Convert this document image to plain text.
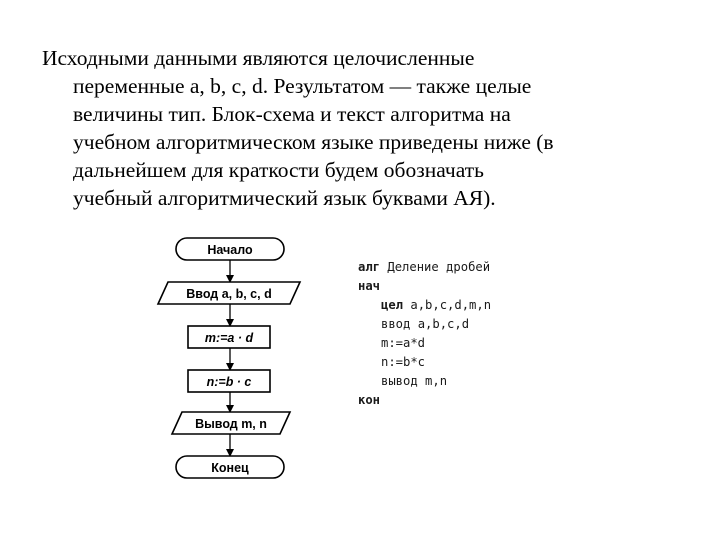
Исходными данными являются целочисленные
переменные a, b, c, d. Результатом — также целые
величины тип. Блок-схема и текст алгоритма на
учебном алгоритмическом языке приведены ниже (в
дальнейшем для краткости будем обозначать
учебный алгоритмический язык буквами АЯ).
Начало
Ввод a, b, c, d
m:=a · d
n:=b · c
Вывод m, n
Конец
алг Деление дробей
нач
цел a,b,c,d,m,n
ввод a,b,c,d
m:=a*d
n:=b*c
вывод m,n
кон
